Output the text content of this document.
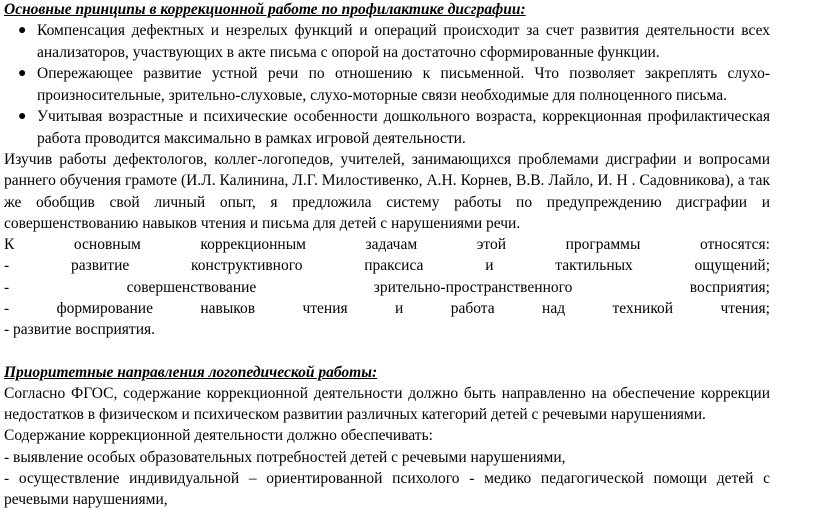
Основные принципы в коррекционной работе по профилактике дисграфии:
● Компенсация дефектных и незрелых функций и операций происходит за счет развития деятельности всех анализаторов, участвующих в акте письма с опорой на достаточно сформированные функции.
● Опережающее развитие устной речи по отношению к письменной. Что позволяет закреплять слухо-произносительные, зрительно-слуховые, слухо-моторные связи необходимые для полноценного письма.
● Учитывая возрастные и психические особенности дошкольного возраста, коррекционная профилактическая работа проводится максимально в рамках игровой деятельности.

Изучив работы дефектологов, коллег-логопедов, учителей, занимающихся проблемами дисграфии и вопросами раннего обучения грамоте (И.Л. Калинина, Л.Г. Милостивенко, А.Н. Корнев, В.В. Лайло, И. Н . Садовникова), а так же обобщив свой личный опыт, я предложила систему работы по предупреждению дисграфии и совершенствованию навыков чтения и письма для детей с нарушениями речи.

К основным коррекционным задачам этой программы относятся:
- развитие конструктивного праксиса и тактильных ощущений;
- совершенствование зрительно-пространственного восприятия;
- формирование навыков чтения и работа над техникой чтения;
- развитие восприятия.
Приоритетные направления логопедической работы:

Согласно ФГОС, содержание коррекционной деятельности должно быть направленно на обеспечение коррекции недостатков в физическом и психическом развитии различных категорий детей с речевыми нарушениями.

Содержание коррекционной деятельности должно обеспечивать:
- выявление особых образовательных потребностей детей с речевыми нарушениями,

- осуществление индивидуальной – ориентированной психолого - медико педагогической помощи детей с речевыми нарушениями,
